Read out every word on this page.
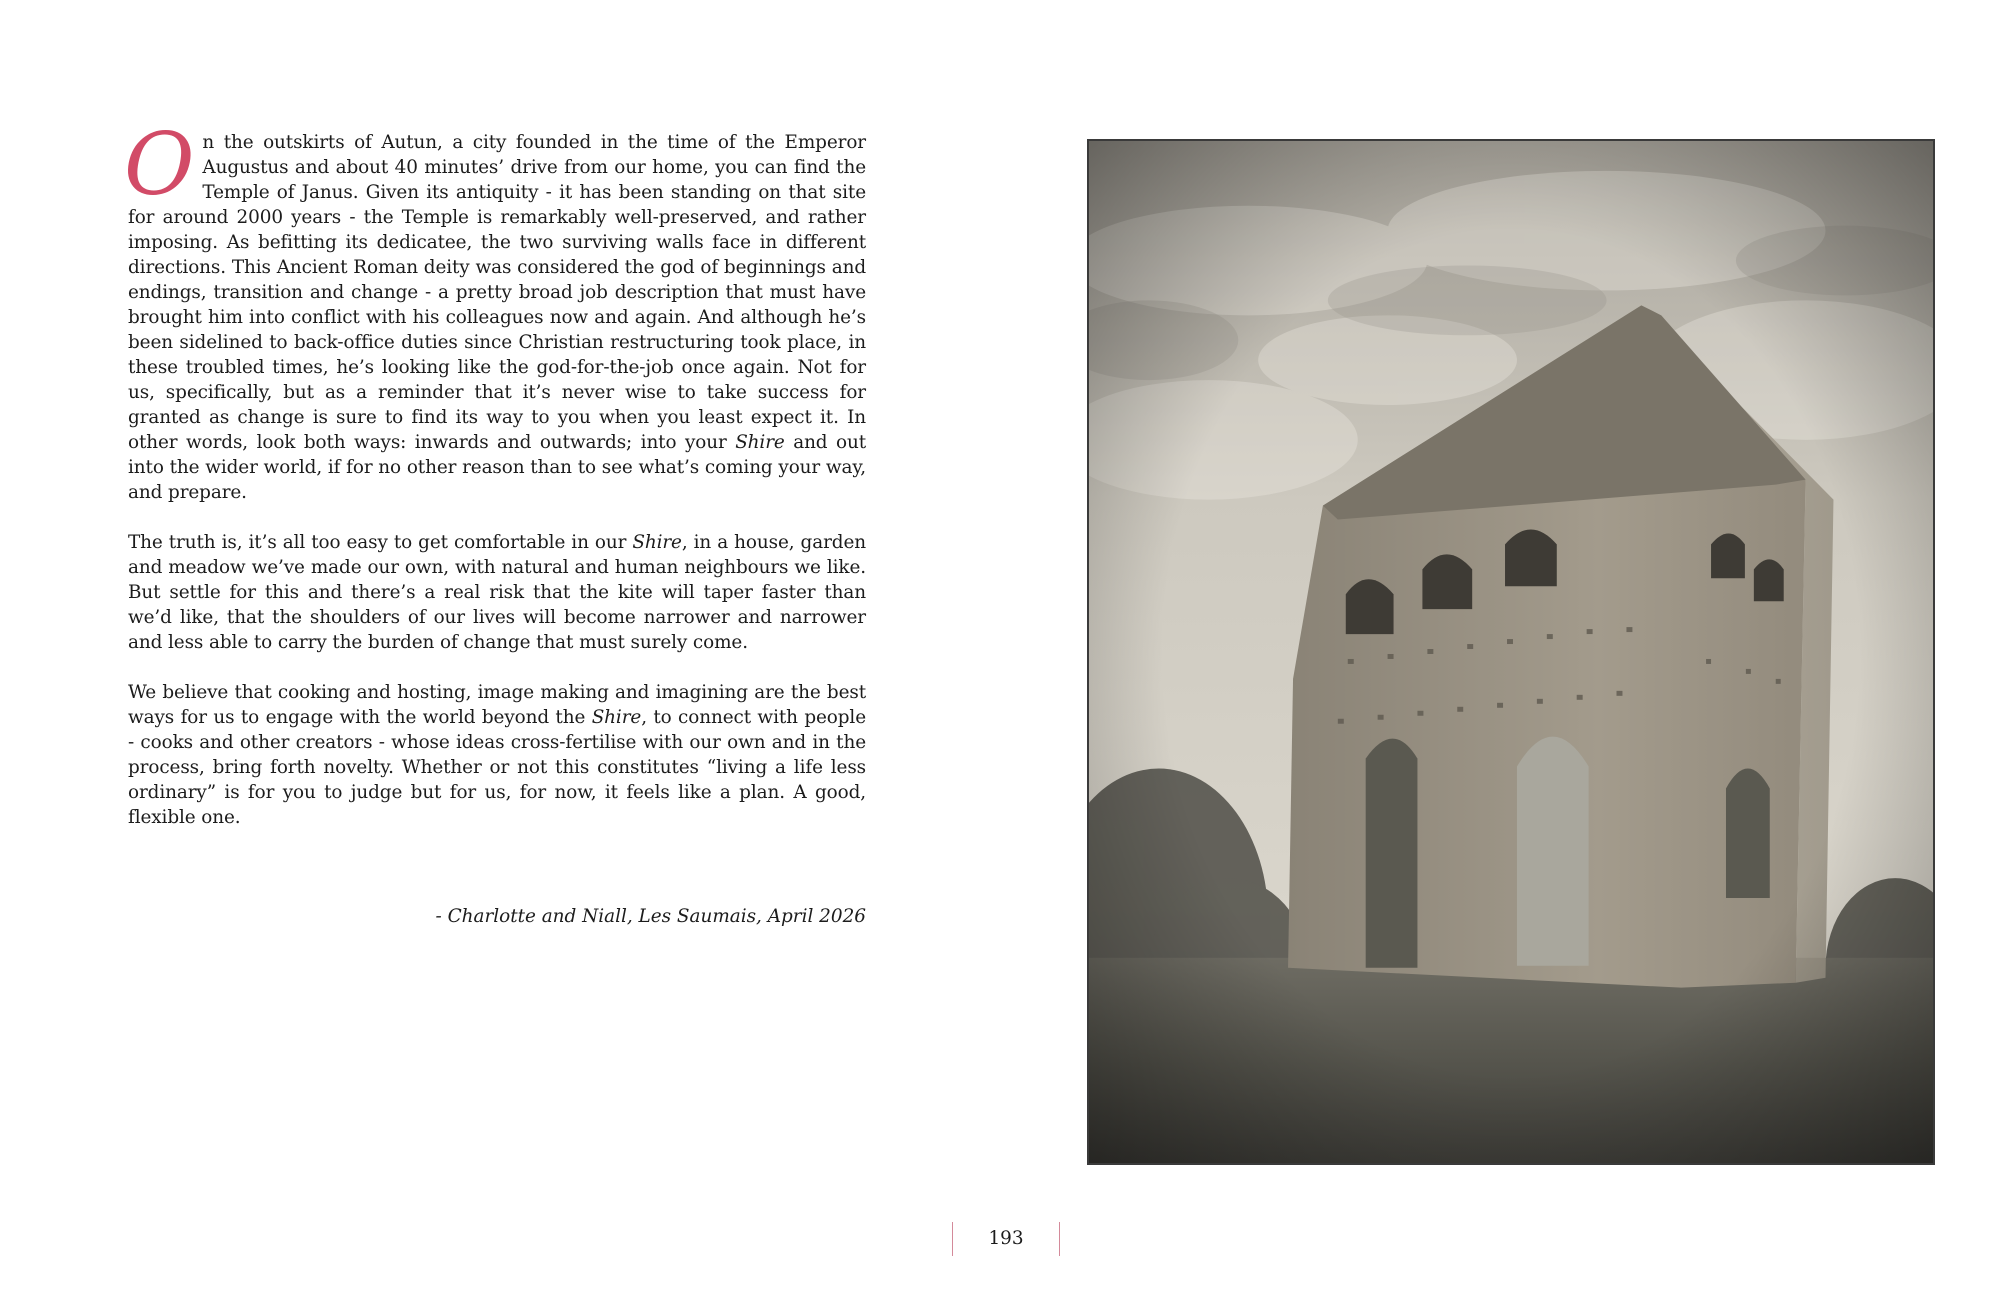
On the outskirts of Autun, a city founded in the time of the Emperor Augustus and about 40 minutes’ drive from our home, you can find the Temple of Janus. Given its antiquity - it has been standing on that site for around 2000 years - the Temple is remarkably well-preserved, and rather imposing. As befitting its dedicatee, the two surviving walls face in different directions. This Ancient Roman deity was considered the god of beginnings and endings, transition and change - a pretty broad job description that must have brought him into conflict with his colleagues now and again. And although he’s been sidelined to back-office duties since Christian restructuring took place, in these troubled times, he’s looking like the god-for-the-job once again. Not for us, specifically, but as a reminder that it’s never wise to take success for granted as change is sure to find its way to you when you least expect it. In other words, look both ways: inwards and outwards; into your Shire and out into the wider world, if for no other reason than to see what’s coming your way, and prepare.

The truth is, it’s all too easy to get comfortable in our Shire, in a house, garden and meadow we’ve made our own, with natural and human neighbours we like. But settle for this and there’s a real risk that the kite will taper faster than we’d like, that the shoulders of our lives will become narrower and narrower and less able to carry the burden of change that must surely come.

We believe that cooking and hosting, image making and imagining are the best ways for us to engage with the world beyond the Shire, to connect with people - cooks and other creators - whose ideas cross-fertilise with our own and in the process, bring forth novelty. Whether or not this constitutes “living a life less ordinary” is for you to judge but for us, for now, it feels like a plan. A good, flexible one.

- Charlotte and Niall, Les Saumais, April 2026
193
